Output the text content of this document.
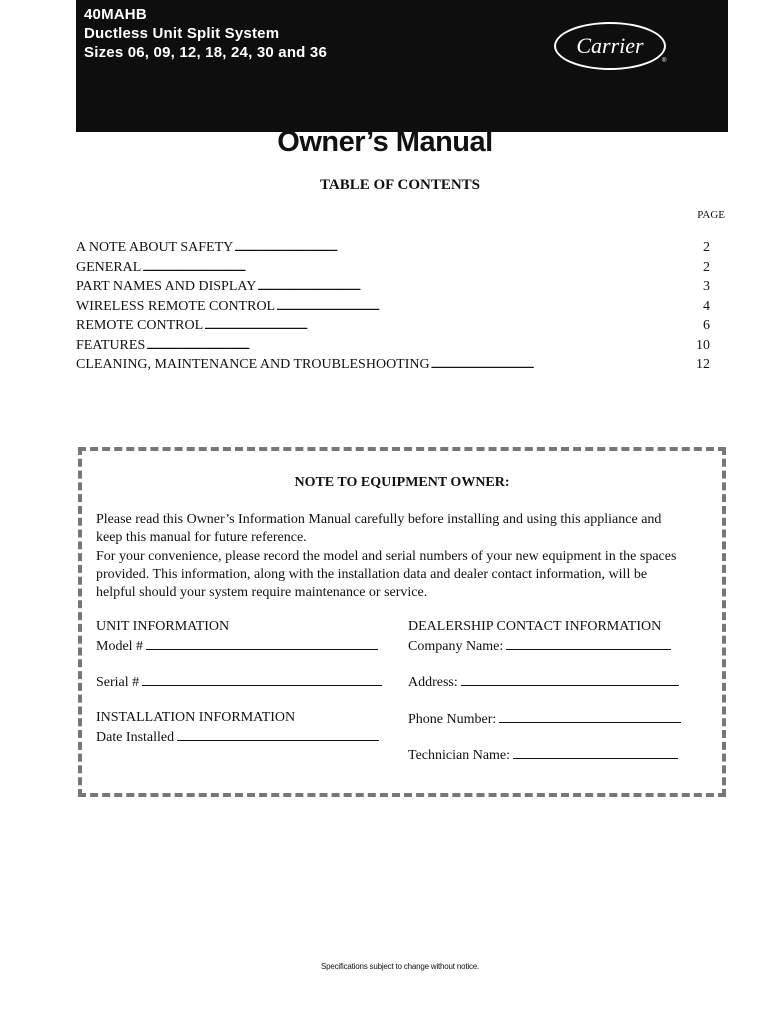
40MAHB
Ductless Unit Split System
Sizes 06, 09, 12, 18, 24, 30 and 36	Carrier
®
Owner’s Manual
TABLE OF CONTENTS
PAGE
A NOTE ABOUT SAFETY . . .	2
GENERAL . . .	2
PART NAMES AND DISPLAY . . .	3
WIRELESS REMOTE CONTROL . . .	4
REMOTE CONTROL . . .	6
FEATURES . . .	10
CLEANING, MAINTENANCE AND TROUBLESHOOTING . . .	12
NOTE TO EQUIPMENT OWNER:

Please read this Owner’s Information Manual carefully before installing and using this appliance and

keep this manual for future reference.

For your convenience, please record the model and serial numbers of your new equipment in the spaces

provided. This information, along with the installation data and dealer contact information, will be

helpful should your system require maintenance or service.

UNIT INFORMATION
Model #
Serial #
INSTALLATION INFORMATION
Date Installed
DEALERSHIP CONTACT INFORMATION
Company Name:
Address:
Phone Number:
Technician Name:
Specifications subject to change without notice.
